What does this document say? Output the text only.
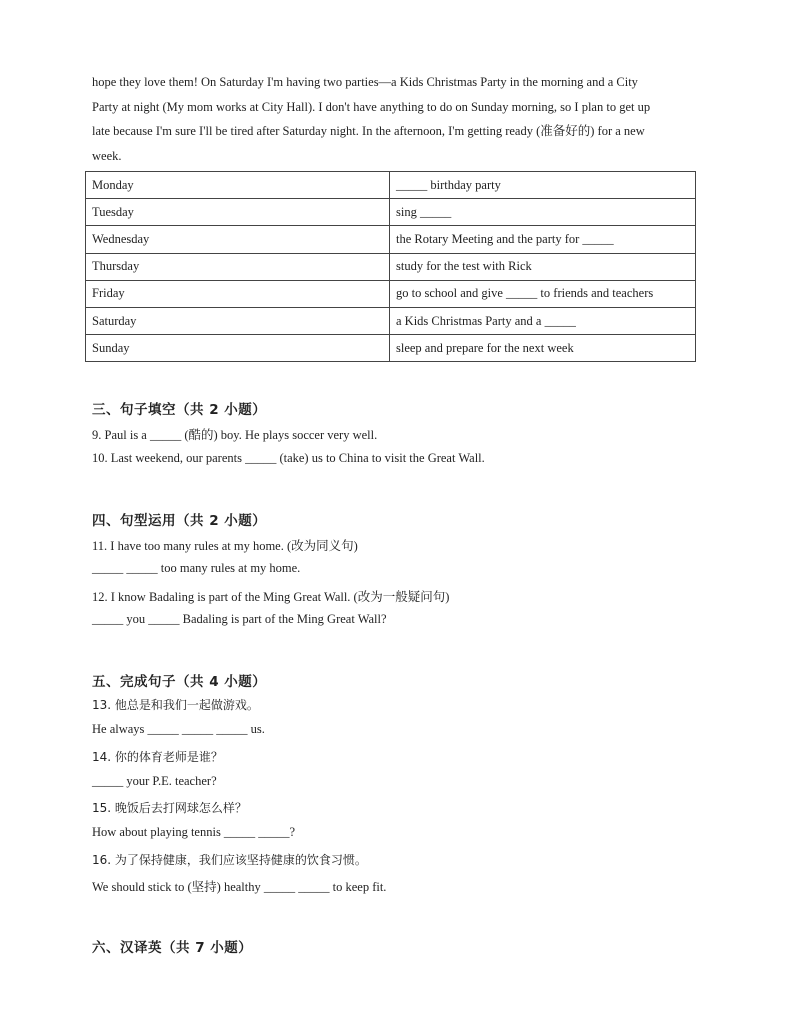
hope they love them! On Saturday I'm having two parties—a Kids Christmas Party in the morning and a City
Party at night (My mom works at City Hall). I don't have anything to do on Sunday morning, so I plan to get up
late because I'm sure I'll be tired after Saturday night. In the afternoon, I'm getting ready (准备好的) for a new
week.
Monday	_____ birthday party
Tuesday	sing _____
Wednesday	the Rotary Meeting and the party for _____
Thursday	study for the test with Rick
Friday	go to school and give _____ to friends and teachers
Saturday	a Kids Christmas Party and a _____
Sunday	sleep and prepare for the next week
三、句子填空（共 2 小题）
9. Paul is a _____ (酷的) boy. He plays soccer very well.
10. Last weekend, our parents _____ (take) us to China to visit the Great Wall.
四、句型运用（共 2 小题）
11. I have too many rules at my home. (改为同义句)
_____ _____ too many rules at my home.
12. I know Badaling is part of the Ming Great Wall. (改为一般疑问句)
_____ you _____ Badaling is part of the Ming Great Wall?
五、完成句子（共 4 小题）
13. 他总是和我们一起做游戏。
He always _____ _____ _____ us.
14. 你的体育老师是谁？
_____ your P.E. teacher?
15. 晚饭后去打网球怎么样？
How about playing tennis _____ _____?
16. 为了保持健康，我们应该坚持健康的饮食习惯。
We should stick to (坚持) healthy _____ _____ to keep fit.
六、汉译英（共 7 小题）
